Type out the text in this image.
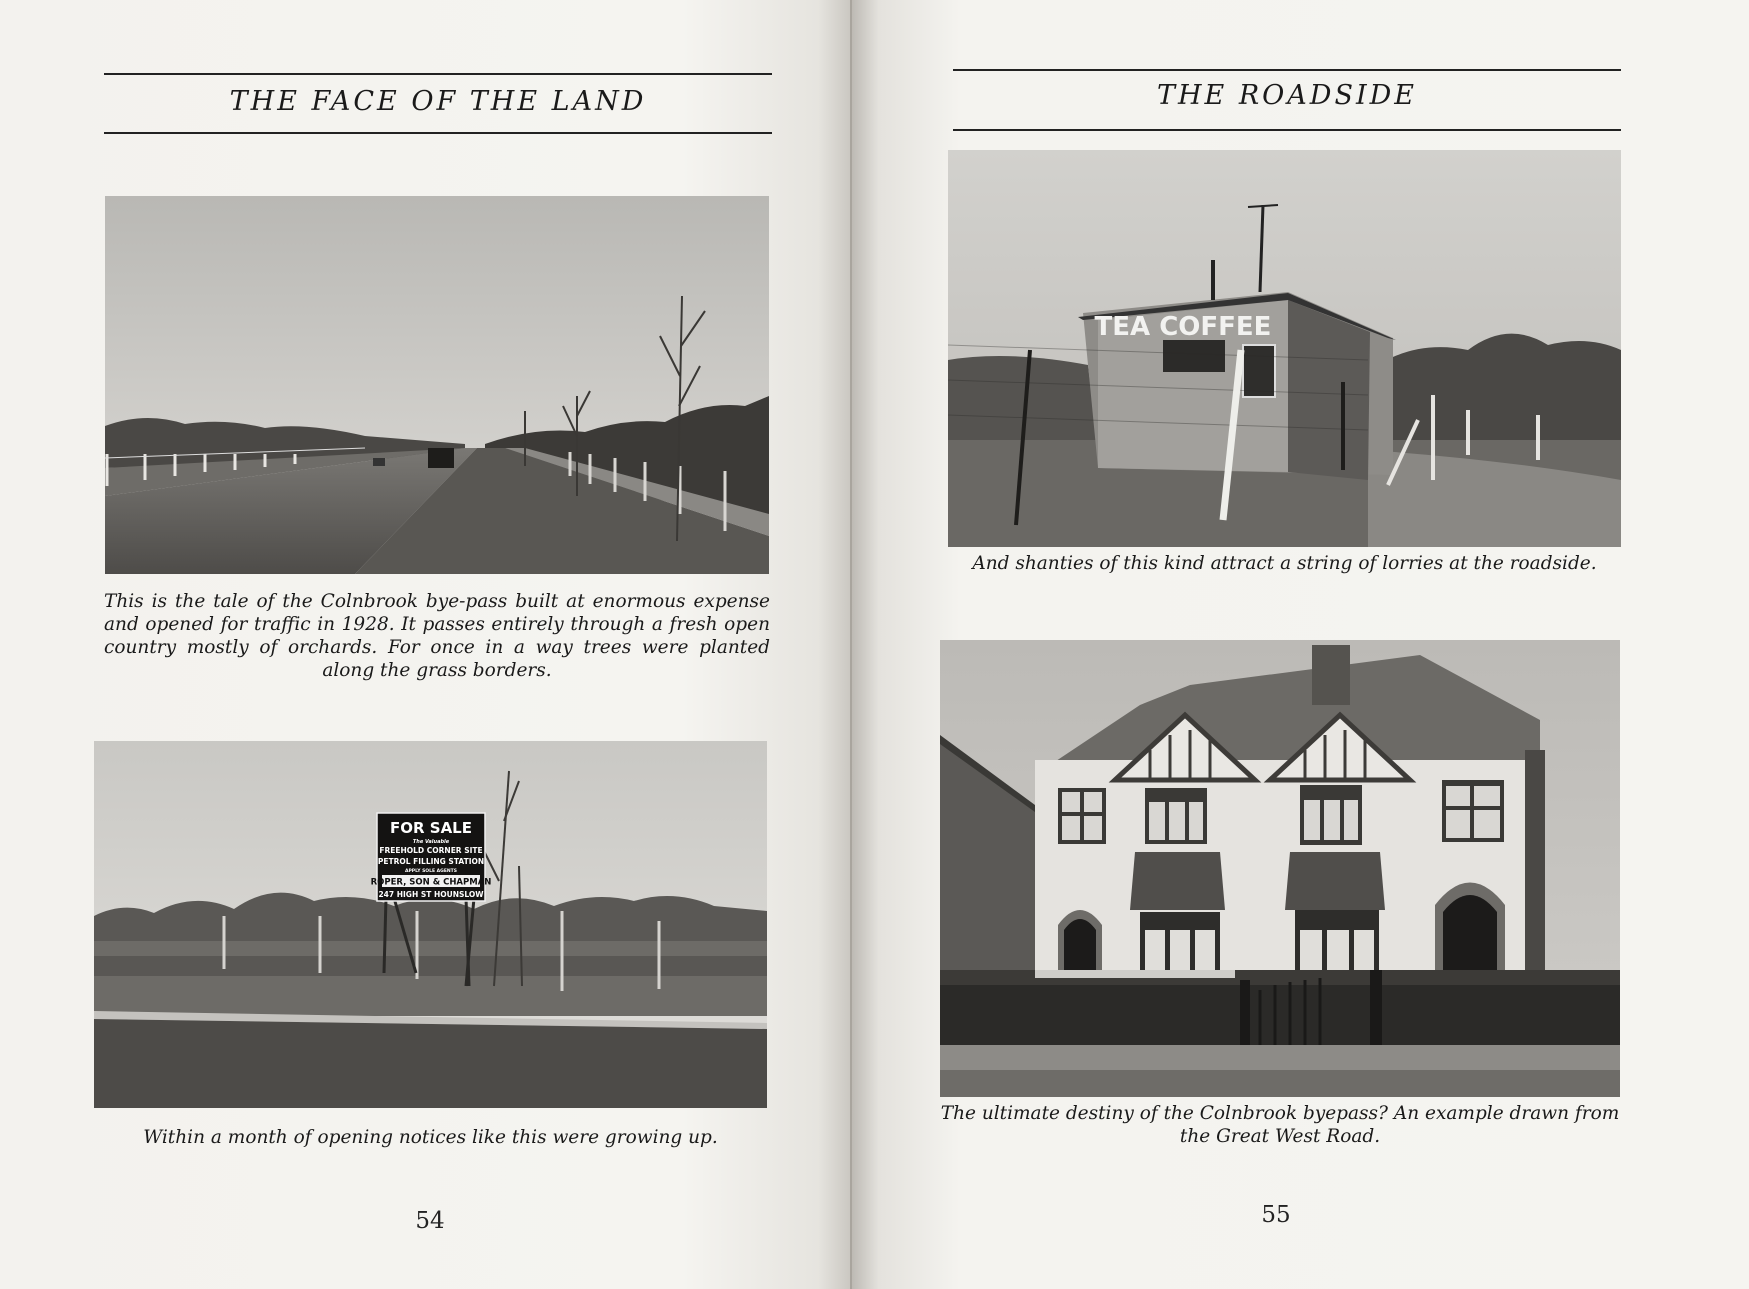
THE FACE OF THE LAND
This is the tale of the Colnbrook bye-pass built at enormous expense and opened for traffic in 1928. It passes entirely through a fresh open country mostly of orchards. For once in a way trees were planted along the grass borders.
FOR SALE
The Valuable
FREEHOLD CORNER SITE
PETROL FILLING STATION
APPLY SOLE AGENTS
ROPER, SON & CHAPMAN
247 HIGH ST HOUNSLOW
Within a month of opening notices like this were growing up.
54
THE ROADSIDE
TEA COFFEE
And shanties of this kind attract a string of lorries at the roadside.
The ultimate destiny of the Colnbrook byepass? An example drawn from the Great West Road.
55
